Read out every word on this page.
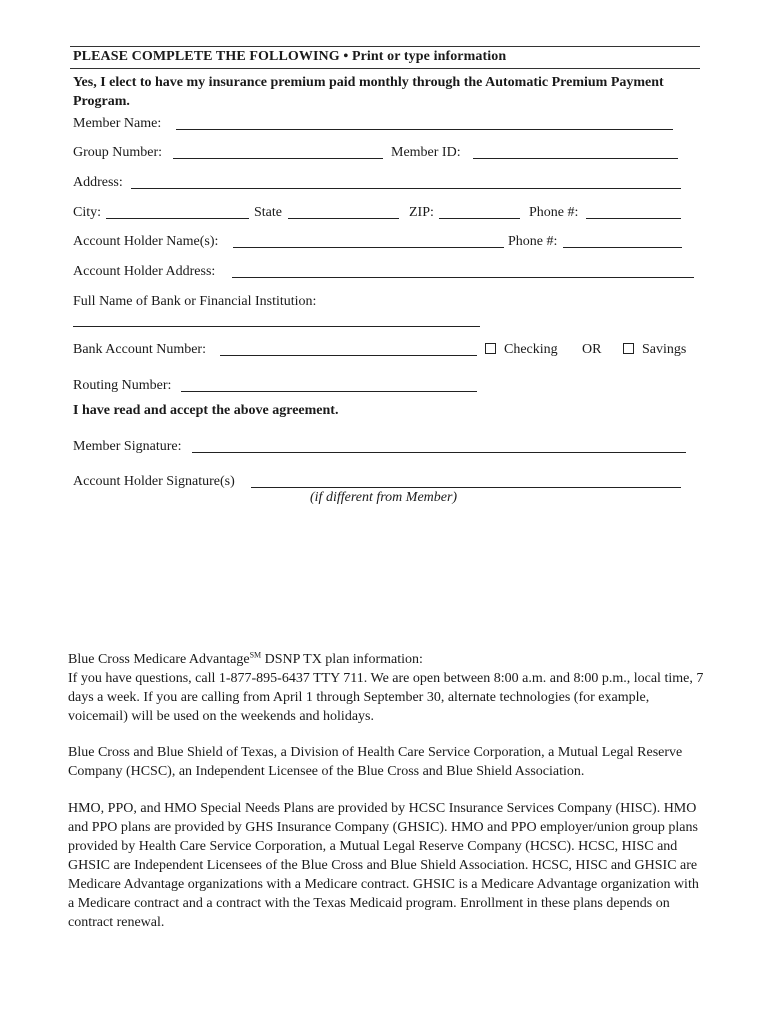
PLEASE COMPLETE THE FOLLOWING • Print or type information
Yes, I elect to have my insurance premium paid monthly through the Automatic Premium Payment Program.
Member Name:
Group Number:	Member ID:
Address:
City:	State	ZIP:	Phone #:
Account Holder Name(s):	Phone #:
Account Holder Address:
Full Name of Bank or Financial Institution:
Bank Account Number:	Checking OR	Savings
Routing Number:
I have read and accept the above agreement.
Member Signature:
Account Holder Signature(s)
(if different from Member)
Blue Cross Medicare Advantage℠ DSNP TX plan information:
If you have questions, call 1-877-895-6437 TTY 711. We are open between 8:00 a.m. and 8:00 p.m., local time, 7 days a week. If you are calling from April 1 through September 30, alternate technologies (for example, voicemail) will be used on the weekends and holidays.
Blue Cross and Blue Shield of Texas, a Division of Health Care Service Corporation, a Mutual Legal Reserve Company (HCSC), an Independent Licensee of the Blue Cross and Blue Shield Association.
HMO, PPO, and HMO Special Needs Plans are provided by HCSC Insurance Services Company (HISC). HMO and PPO plans are provided by GHS Insurance Company (GHSIC). HMO and PPO employer/union group plans provided by Health Care Service Corporation, a Mutual Legal Reserve Company (HCSC). HCSC, HISC and GHSIC are Independent Licensees of the Blue Cross and Blue Shield Association. HCSC, HISC and GHSIC are Medicare Advantage organizations with a Medicare contract. GHSIC is a Medicare Advantage organization with a Medicare contract and a contract with the Texas Medicaid program. Enrollment in these plans depends on contract renewal.
